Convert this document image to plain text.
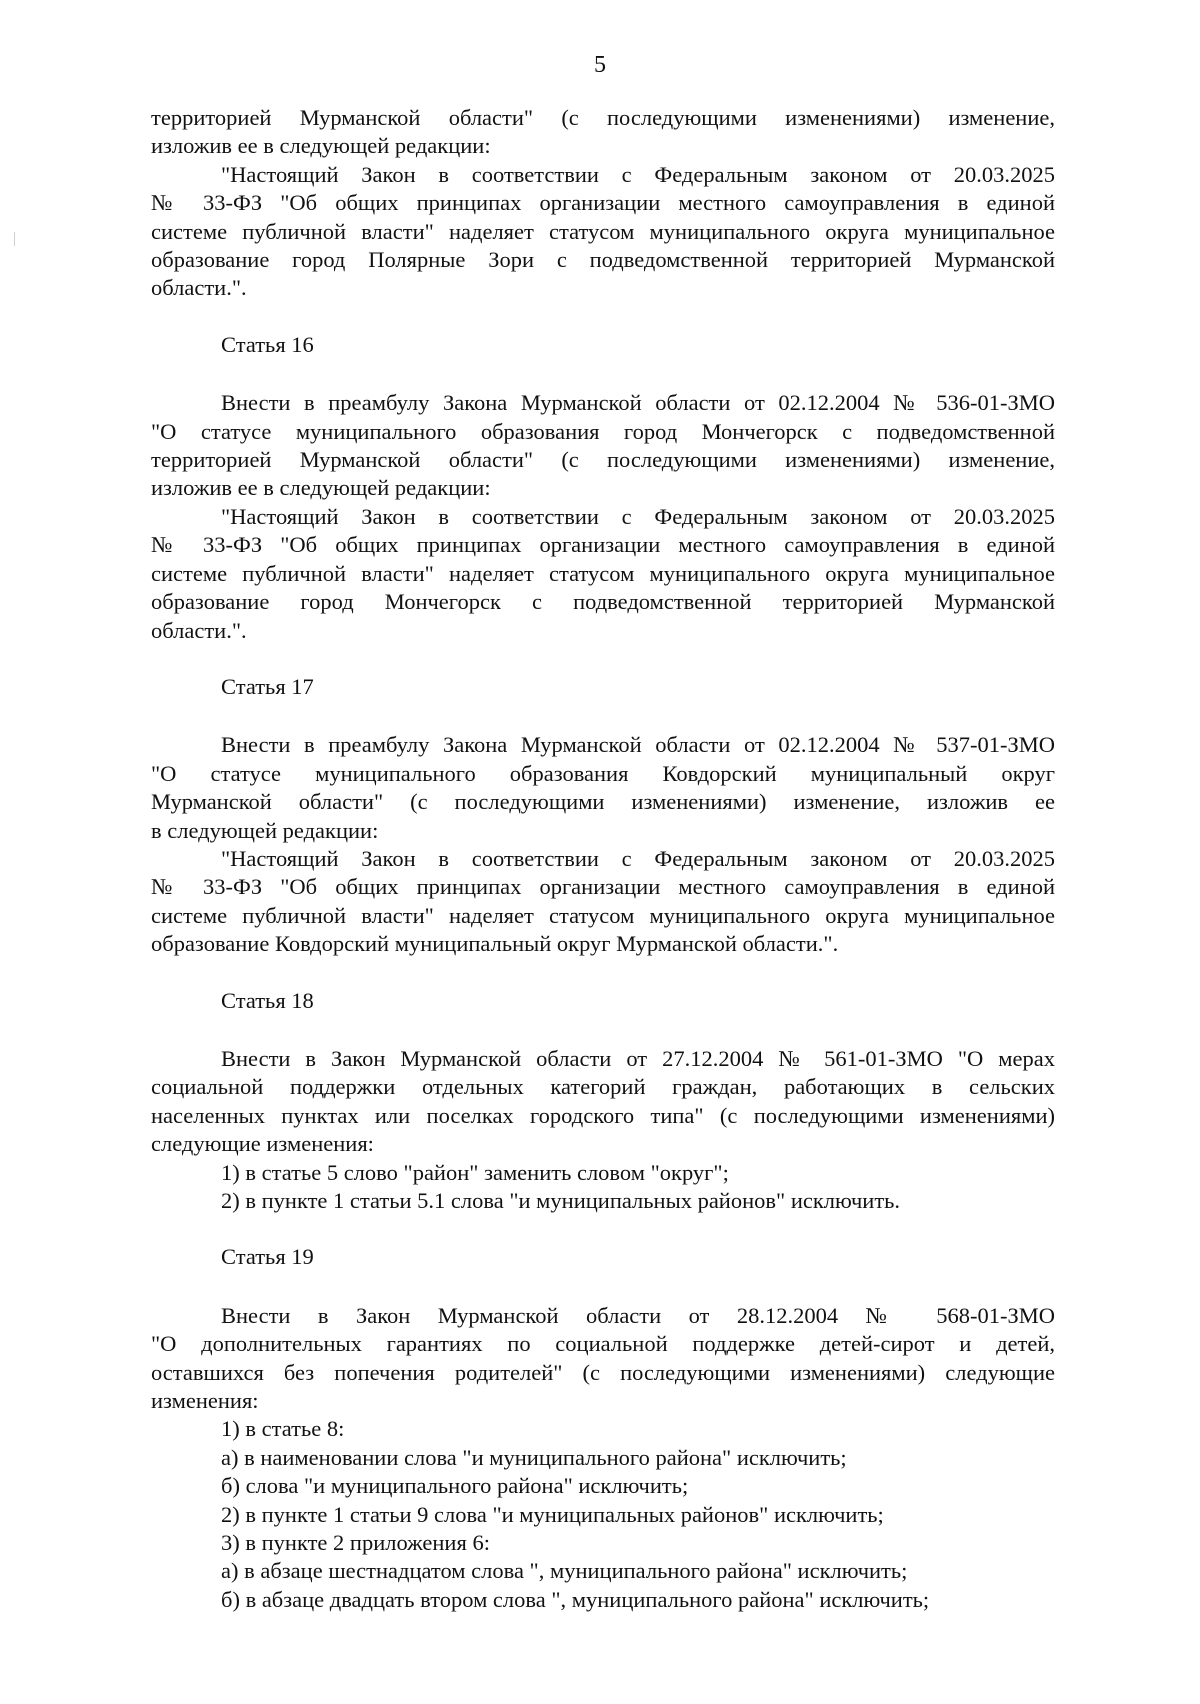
5

территорией Мурманской области" (с последующими изменениями) изменение,

изложив ее в следующей редакции:

"Настоящий Закон в соответствии с Федеральным законом от 20.03.2025

№ 33-ФЗ "Об общих принципах организации местного самоуправления в единой

системе публичной власти" наделяет статусом муниципального округа муниципальное

образование город Полярные Зори с подведомственной территорией Мурманской

области.".

Статья 16

Внести в преамбулу Закона Мурманской области от 02.12.2004 № 536-01-ЗМО

"О статусе муниципального образования город Мончегорск с подведомственной

территорией Мурманской области" (с последующими изменениями) изменение,

изложив ее в следующей редакции:

"Настоящий Закон в соответствии с Федеральным законом от 20.03.2025

№ 33-ФЗ "Об общих принципах организации местного самоуправления в единой

системе публичной власти" наделяет статусом муниципального округа муниципальное

образование город Мончегорск с подведомственной территорией Мурманской

области.".

Статья 17

Внести в преамбулу Закона Мурманской области от 02.12.2004 № 537-01-ЗМО

"О статусе муниципального образования Ковдорский муниципальный округ

Мурманской области" (с последующими изменениями) изменение, изложив ее

в следующей редакции:

"Настоящий Закон в соответствии с Федеральным законом от 20.03.2025

№ 33-ФЗ "Об общих принципах организации местного самоуправления в единой

системе публичной власти" наделяет статусом муниципального округа муниципальное

образование Ковдорский муниципальный округ Мурманской области.".

Статья 18

Внести в Закон Мурманской области от 27.12.2004 № 561-01-ЗМО "О мерах

социальной поддержки отдельных категорий граждан, работающих в сельских

населенных пунктах или поселках городского типа" (с последующими изменениями)

следующие изменения:

1) в статье 5 слово "район" заменить словом "округ";

2) в пункте 1 статьи 5.1 слова "и муниципальных районов" исключить.

Статья 19

Внести в Закон Мурманской области от 28.12.2004 № 568-01-ЗМО

"О дополнительных гарантиях по социальной поддержке детей-сирот и детей,

оставшихся без попечения родителей" (с последующими изменениями) следующие

изменения:

1) в статье 8:

а) в наименовании слова "и муниципального района" исключить;

б) слова "и муниципального района" исключить;

2) в пункте 1 статьи 9 слова "и муниципальных районов" исключить;

3) в пункте 2 приложения 6:

а) в абзаце шестнадцатом слова ", муниципального района" исключить;

б) в абзаце двадцать втором слова ", муниципального района" исключить;
